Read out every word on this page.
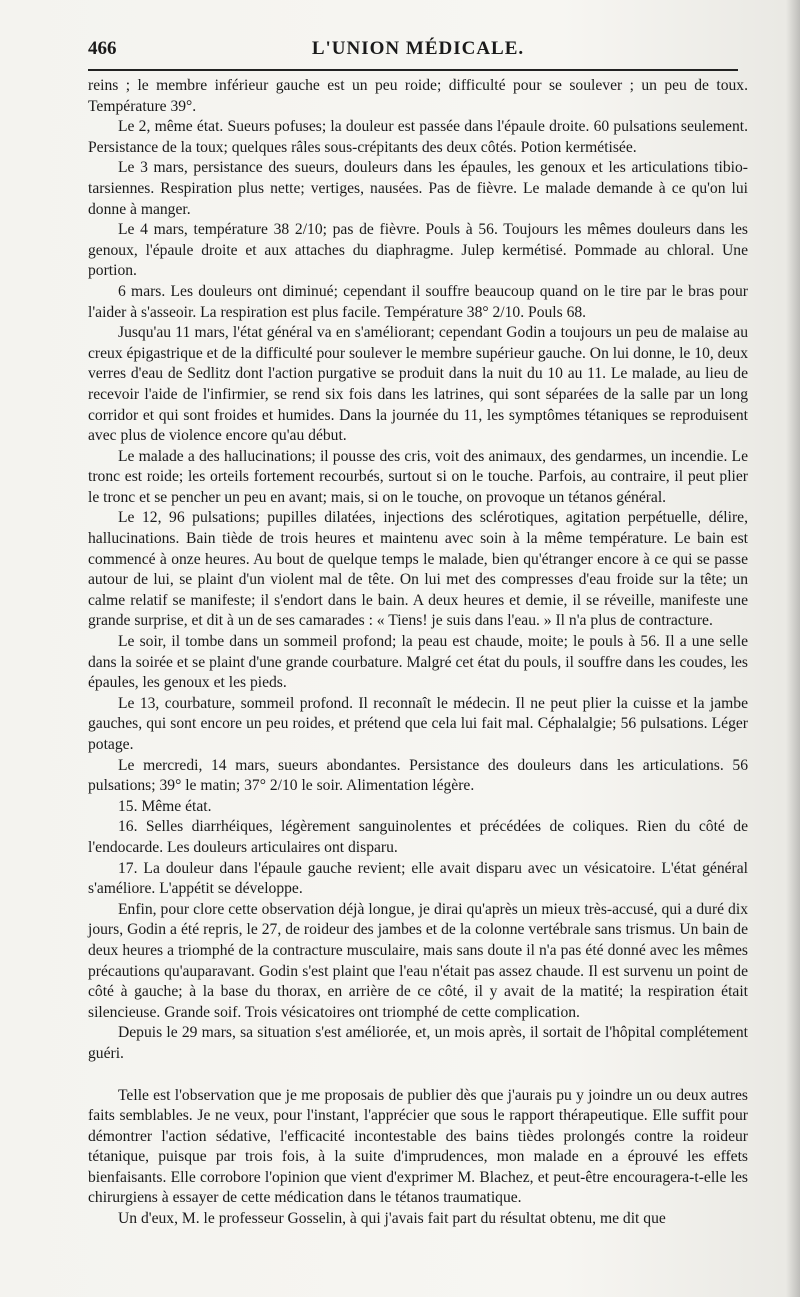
466	L'UNION MÉDICALE.

reins ; le membre inférieur gauche est un peu roide; difficulté pour se soulever ; un peu de toux. Température 39°.

Le 2, même état. Sueurs pofuses; la douleur est passée dans l'épaule droite. 60 pulsations seulement. Persistance de la toux; quelques râles sous-crépitants des deux côtés. Potion kermétisée.

Le 3 mars, persistance des sueurs, douleurs dans les épaules, les genoux et les articulations tibio-tarsiennes. Respiration plus nette; vertiges, nausées. Pas de fièvre. Le malade demande à ce qu'on lui donne à manger.

Le 4 mars, température 38 2/10; pas de fièvre. Pouls à 56. Toujours les mêmes douleurs dans les genoux, l'épaule droite et aux attaches du diaphragme. Julep kermétisé. Pommade au chloral. Une portion.

6 mars. Les douleurs ont diminué; cependant il souffre beaucoup quand on le tire par le bras pour l'aider à s'asseoir. La respiration est plus facile. Température 38° 2/10. Pouls 68.

Jusqu'au 11 mars, l'état général va en s'améliorant; cependant Godin a toujours un peu de malaise au creux épigastrique et de la difficulté pour soulever le membre supérieur gauche. On lui donne, le 10, deux verres d'eau de Sedlitz dont l'action purgative se produit dans la nuit du 10 au 11. Le malade, au lieu de recevoir l'aide de l'infirmier, se rend six fois dans les latrines, qui sont séparées de la salle par un long corridor et qui sont froides et humides. Dans la journée du 11, les symptômes tétaniques se reproduisent avec plus de violence encore qu'au début.

Le malade a des hallucinations; il pousse des cris, voit des animaux, des gendarmes, un incendie. Le tronc est roide; les orteils fortement recourbés, surtout si on le touche. Parfois, au contraire, il peut plier le tronc et se pencher un peu en avant; mais, si on le touche, on provoque un tétanos général.

Le 12, 96 pulsations; pupilles dilatées, injections des sclérotiques, agitation perpétuelle, délire, hallucinations. Bain tiède de trois heures et maintenu avec soin à la même température. Le bain est commencé à onze heures. Au bout de quelque temps le malade, bien qu'étranger encore à ce qui se passe autour de lui, se plaint d'un violent mal de tête. On lui met des compresses d'eau froide sur la tête; un calme relatif se manifeste; il s'endort dans le bain. A deux heures et demie, il se réveille, manifeste une grande surprise, et dit à un de ses camarades : « Tiens! je suis dans l'eau. » Il n'a plus de contracture.

Le soir, il tombe dans un sommeil profond; la peau est chaude, moite; le pouls à 56. Il a une selle dans la soirée et se plaint d'une grande courbature. Malgré cet état du pouls, il souffre dans les coudes, les épaules, les genoux et les pieds.

Le 13, courbature, sommeil profond. Il reconnaît le médecin. Il ne peut plier la cuisse et la jambe gauches, qui sont encore un peu roides, et prétend que cela lui fait mal. Céphalalgie; 56 pulsations. Léger potage.

Le mercredi, 14 mars, sueurs abondantes. Persistance des douleurs dans les articulations. 56 pulsations; 39° le matin; 37° 2/10 le soir. Alimentation légère.

15. Même état.

16. Selles diarrhéiques, légèrement sanguinolentes et précédées de coliques. Rien du côté de l'endocarde. Les douleurs articulaires ont disparu.

17. La douleur dans l'épaule gauche revient; elle avait disparu avec un vésicatoire. L'état général s'améliore. L'appétit se développe.

Enfin, pour clore cette observation déjà longue, je dirai qu'après un mieux très-accusé, qui a duré dix jours, Godin a été repris, le 27, de roideur des jambes et de la colonne vertébrale sans trismus. Un bain de deux heures a triomphé de la contracture musculaire, mais sans doute il n'a pas été donné avec les mêmes précautions qu'auparavant. Godin s'est plaint que l'eau n'était pas assez chaude. Il est survenu un point de côté à gauche; à la base du thorax, en arrière de ce côté, il y avait de la matité; la respiration était silencieuse. Grande soif. Trois vésicatoires ont triomphé de cette complication.

Depuis le 29 mars, sa situation s'est améliorée, et, un mois après, il sortait de l'hôpital complétement guéri.

Telle est l'observation que je me proposais de publier dès que j'aurais pu y joindre un ou deux autres faits semblables. Je ne veux, pour l'instant, l'apprécier que sous le rapport thérapeutique. Elle suffit pour démontrer l'action sédative, l'efficacité incontestable des bains tièdes prolongés contre la roideur tétanique, puisque par trois fois, à la suite d'imprudences, mon malade en a éprouvé les effets bienfaisants. Elle corrobore l'opinion que vient d'exprimer M. Blachez, et peut-être encouragera-t-elle les chirurgiens à essayer de cette médication dans le tétanos traumatique.

Un d'eux, M. le professeur Gosselin, à qui j'avais fait part du résultat obtenu, me dit que
